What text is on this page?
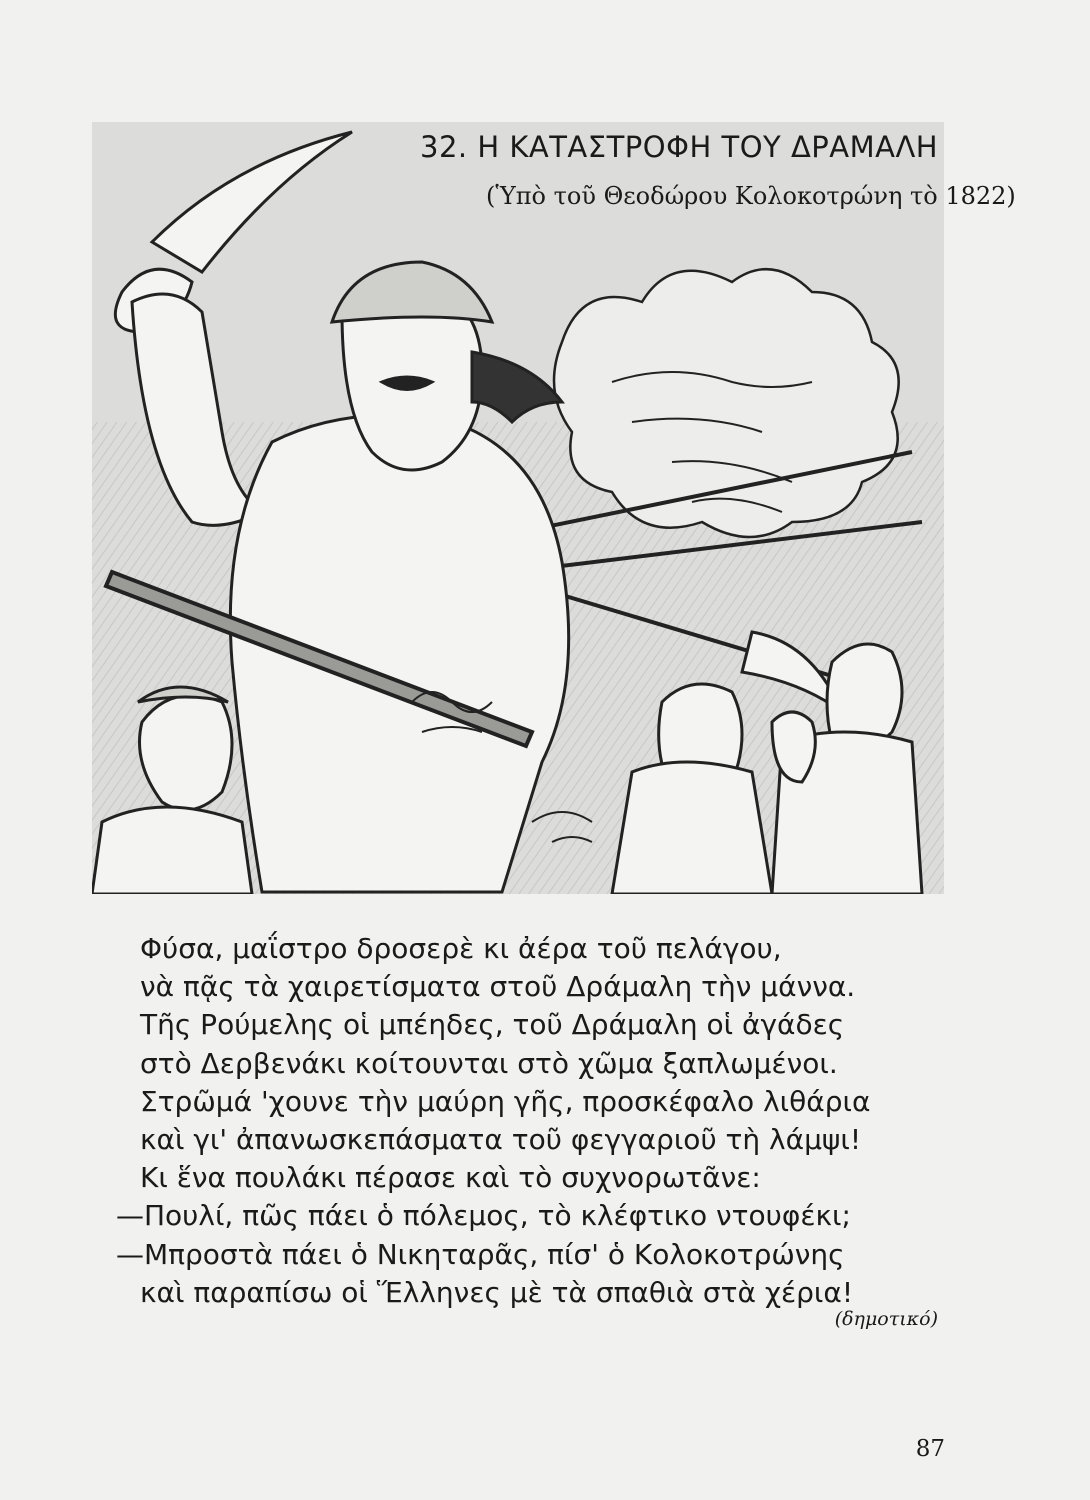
32. Η ΚΑΤΑΣΤΡΟΦΗ ΤΟΥ ΔΡΑΜΑΛΗ
(Ὑπὸ τοῦ Θεοδώρου Κολοκοτρώνη τὸ 1822)
Φύσα, μαΐστρο δροσερὲ κι ἀέρα τοῦ πελάγου,
νὰ πᾷς τὰ χαιρετίσματα στοῦ Δράμαλη τὴν μάννα.
Τῆς Ρούμελης οἱ μπέηδες, τοῦ Δράμαλη οἱ ἀγάδες
στὸ Δερβενάκι κοίτουνται στὸ χῶμα ξαπλωμένοι.
Στρῶμά 'χουνε τὴν μαύρη γῆς, προσκέφαλο λιθάρια
καὶ γι' ἀπανωσκεπάσματα τοῦ φεγγαριοῦ τὴ λάμψι!
Κι ἕνα πουλάκι πέρασε καὶ τὸ συχνορωτᾶνε:
—Πουλί, πῶς πάει ὁ πόλεμος, τὸ κλέφτικο ντουφέκι;
—Μπροστὰ πάει ὁ Νικηταρᾶς, πίσ' ὁ Κολοκοτρώνης
καὶ παραπίσω οἱ Ἕλληνες μὲ τὰ σπαθιὰ στὰ χέρια!
(δημοτικό)
87
